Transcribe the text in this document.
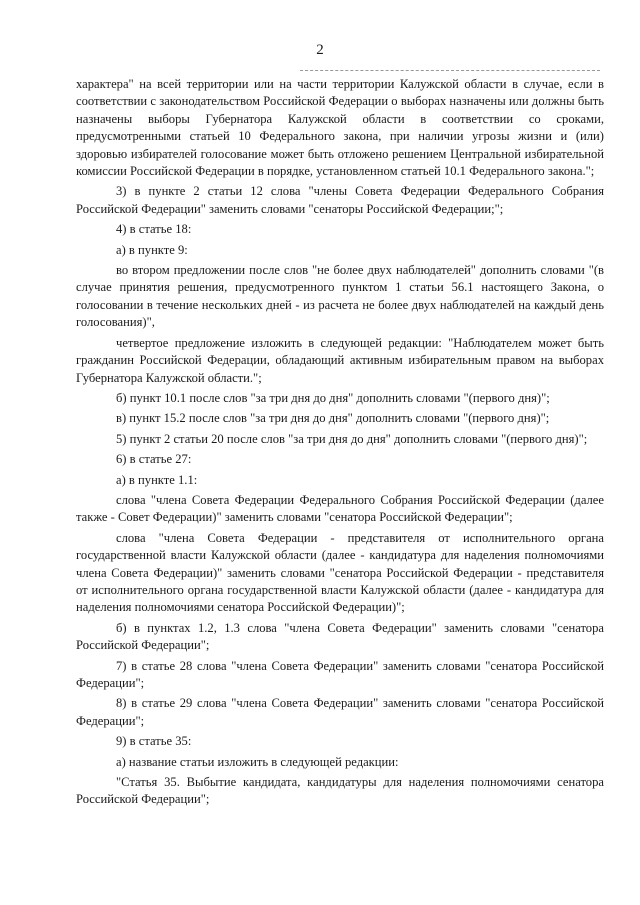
2

характера" на всей территории или на части территории Калужской области в случае, если в соответствии с законодательством Российской Федерации о выборах назначены или должны быть назначены выборы Губернатора Калужской области в соответствии со сроками, предусмотренными статьей 10 Федерального закона, при наличии угрозы жизни и (или) здоровью избирателей голосование может быть отложено решением Центральной избирательной комиссии Российской Федерации в порядке, установленном статьей 10.1 Федерального закона.";

3) в пункте 2 статьи 12 слова "члены Совета Федерации Федерального Собрания Российской Федерации" заменить словами "сенаторы Российской Федерации;";

4) в статье 18:

а) в пункте 9:

во втором предложении после слов "не более двух наблюдателей" дополнить словами "(в случае принятия решения, предусмотренного пунктом 1 статьи 56.1 настоящего Закона, о голосовании в течение нескольких дней - из расчета не более двух наблюдателей на каждый день голосования)",

четвертое предложение изложить в следующей редакции: "Наблюдателем может быть гражданин Российской Федерации, обладающий активным избирательным правом на выборах Губернатора Калужской области.";

б) пункт 10.1 после слов "за три дня до дня" дополнить словами "(первого дня)";

в) пункт 15.2 после слов "за три дня до дня" дополнить словами "(первого дня)";

5) пункт 2 статьи 20 после слов "за три дня до дня" дополнить словами "(первого дня)";

6) в статье 27:

а) в пункте 1.1:

слова "члена Совета Федерации Федерального Собрания Российской Федерации (далее также - Совет Федерации)" заменить словами "сенатора Российской Федерации";

слова "члена Совета Федерации - представителя от исполнительного органа государственной власти Калужской области (далее - кандидатура для наделения полномочиями члена Совета Федерации)" заменить словами "сенатора Российской Федерации - представителя от исполнительного органа государственной власти Калужской области (далее - кандидатура для наделения полномочиями сенатора Российской Федерации)";

б) в пунктах 1.2, 1.3 слова "члена Совета Федерации" заменить словами "сенатора Российской Федерации";

7) в статье 28 слова "члена Совета Федерации" заменить словами "сенатора Российской Федерации";

8) в статье 29 слова "члена Совета Федерации" заменить словами "сенатора Российской Федерации";

9) в статье 35:

а) название статьи изложить в следующей редакции:

"Статья 35. Выбытие кандидата, кандидатуры для наделения полномочиями сенатора Российской Федерации";
